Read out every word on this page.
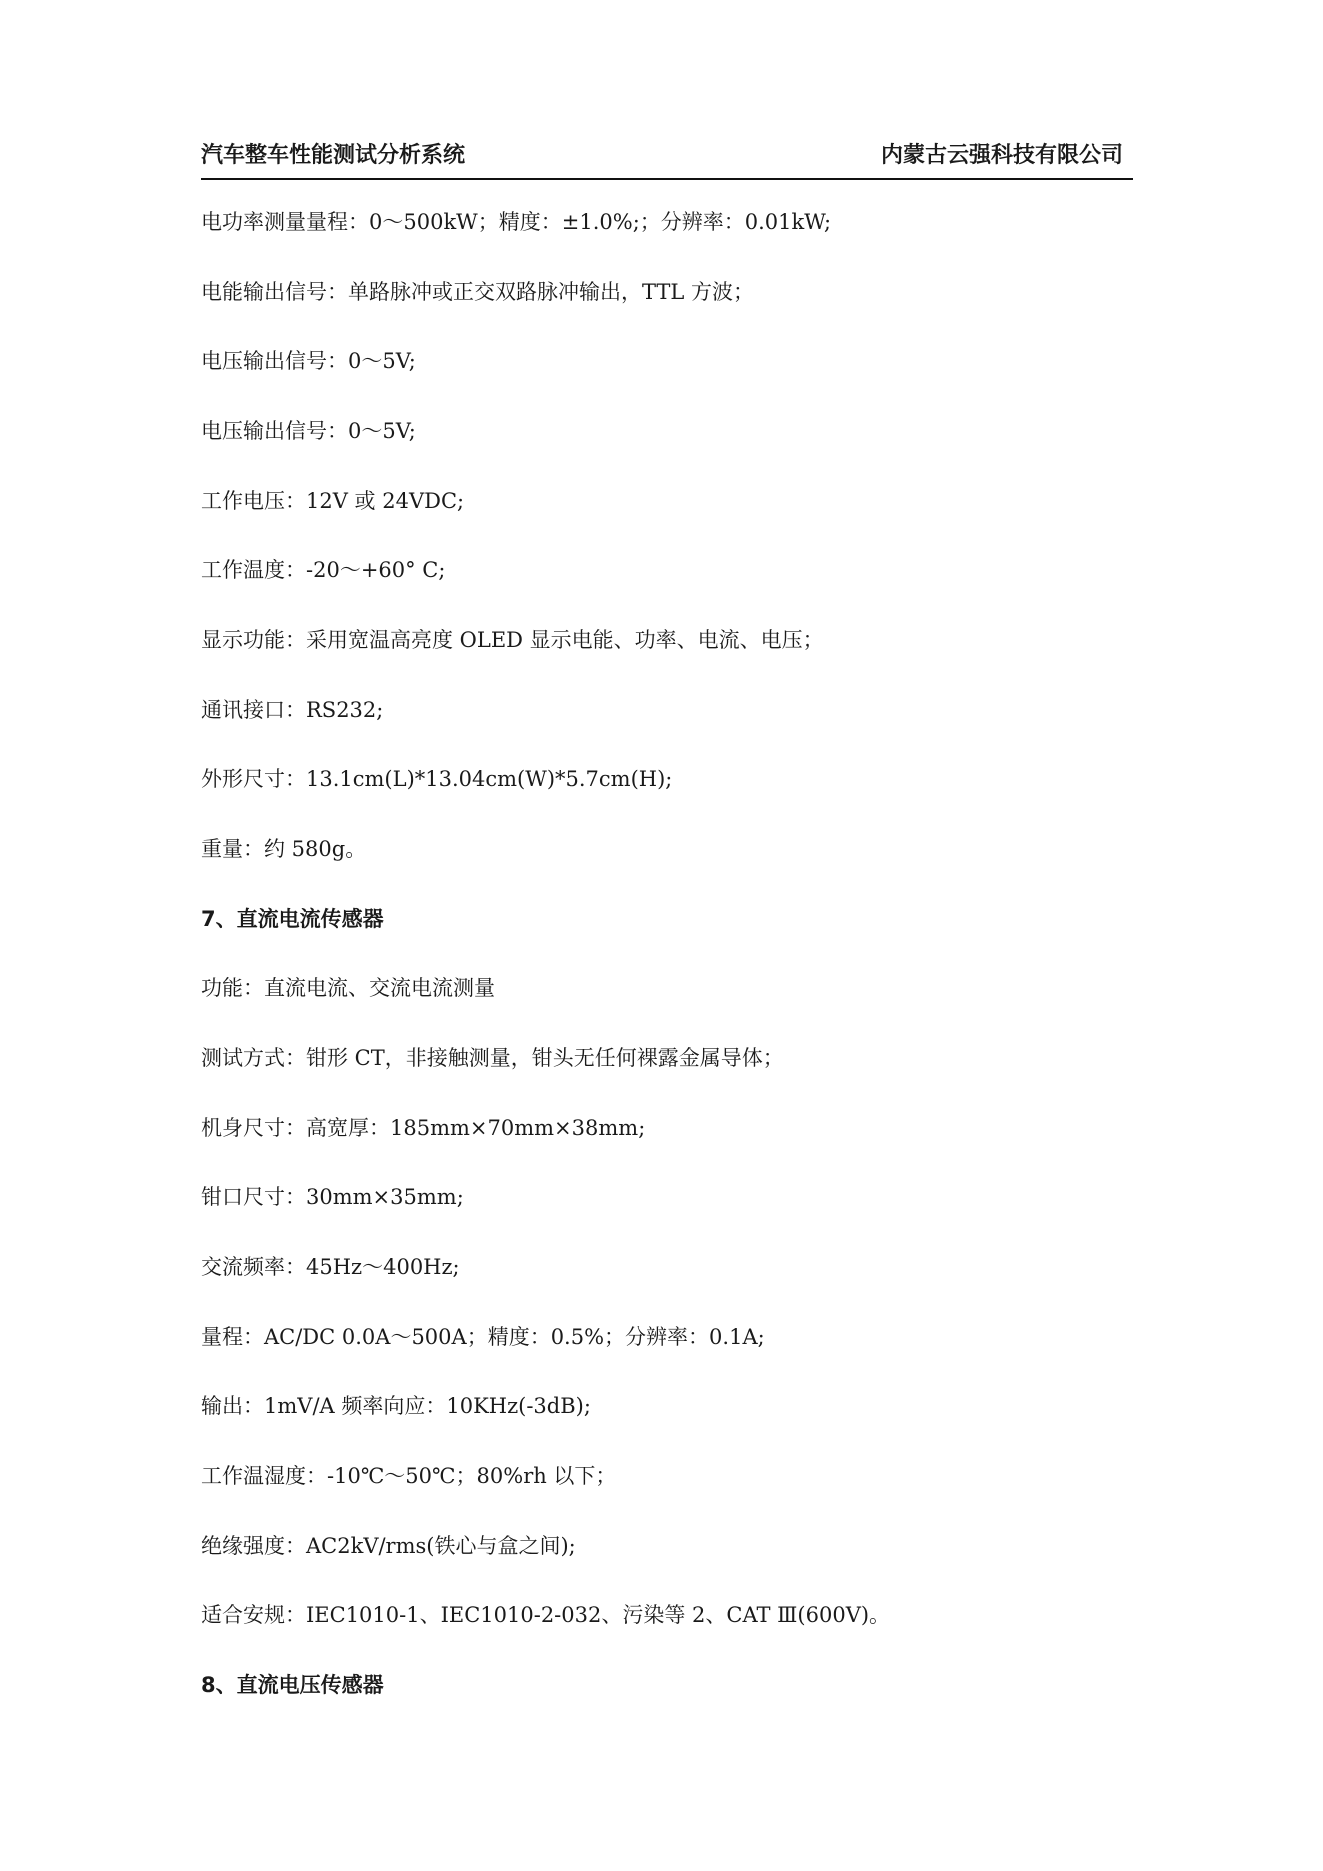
汽车整车性能测试分析系统	内蒙古云强科技有限公司
电功率测量量程：0～500kW；精度：±1.0%;；分辨率：0.01kW;
电能输出信号：单路脉冲或正交双路脉冲输出，TTL 方波；
电压输出信号：0～5V;
电压输出信号：0～5V;
工作电压：12V 或 24VDC;
工作温度：-20～+60° C;
显示功能：采用宽温高亮度 OLED 显示电能、功率、电流、电压；
通讯接口：RS232;
外形尺寸：13.1cm(L)*13.04cm(W)*5.7cm(H);
重量：约 580g。
7、直流电流传感器
功能：直流电流、交流电流测量
测试方式：钳形 CT，非接触测量，钳头无任何裸露金属导体；
机身尺寸：高宽厚：185mm×70mm×38mm;
钳口尺寸：30mm×35mm;
交流频率：45Hz～400Hz;
量程：AC/DC 0.0A～500A；精度：0.5%；分辨率：0.1A;
输出：1mV/A 频率向应：10KHz(-3dB);
工作温湿度：-10℃～50℃；80%rh 以下；
绝缘强度：AC2kV/rms(铁心与盒之间);
适合安规：IEC1010-1、IEC1010-2-032、污染等 2、CAT Ⅲ(600V)。
8、直流电压传感器
